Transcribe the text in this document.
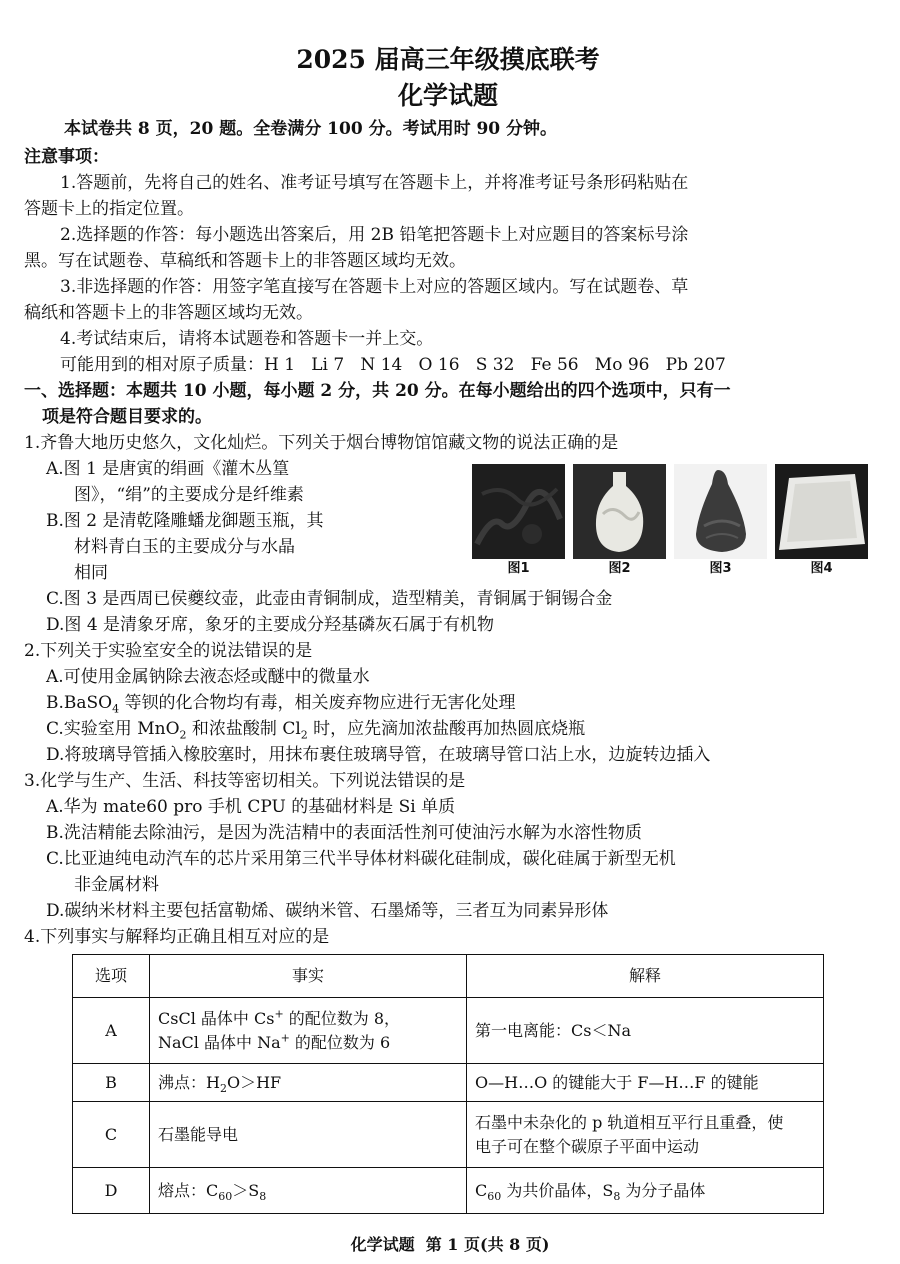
2025 届高三年级摸底联考
化学试题
本试卷共 8 页，20 题。全卷满分 100 分。考试用时 90 分钟。
注意事项：
1.答题前，先将自己的姓名、准考证号填写在答题卡上，并将准考证号条形码粘贴在
答题卡上的指定位置。
2.选择题的作答：每小题选出答案后，用 2B 铅笔把答题卡上对应题目的答案标号涂
黑。写在试题卷、草稿纸和答题卡上的非答题区域均无效。
3.非选择题的作答：用签字笔直接写在答题卡上对应的答题区域内。写在试题卷、草
稿纸和答题卡上的非答题区域均无效。
4.考试结束后，请将本试题卷和答题卡一并上交。
可能用到的相对原子质量：H 1   Li 7   N 14   O 16   S 32   Fe 56   Mo 96   Pb 207
一、选择题：本题共 10 小题，每小题 2 分，共 20 分。在每小题给出的四个选项中，只有一
项是符合题目要求的。
1.齐鲁大地历史悠久，文化灿烂。下列关于烟台博物馆馆藏文物的说法正确的是
A.图 1 是唐寅的绢画《灌木丛篁
图》，“绢”的主要成分是纤维素
B.图 2 是清乾隆雕蟠龙御题玉瓶，其
材料青白玉的主要成分与水晶
相同	图1	图2	图3	图4
C.图 3 是西周已侯夔纹壶，此壶由青铜制成，造型精美，青铜属于铜锡合金
D.图 4 是清象牙席，象牙的主要成分羟基磷灰石属于有机物
2.下列关于实验室安全的说法错误的是
A.可使用金属钠除去液态烃或醚中的微量水
B.BaSO$_4$ 等钡的化合物均有毒，相关废弃物应进行无害化处理
C.实验室用 MnO$_2$ 和浓盐酸制 $Cl_2$ 时，应先滴加浓盐酸再加热圆底烧瓶
D.将玻璃导管插入橡胶塞时，用抹布裹住玻璃导管，在玻璃导管口沾上水，边旋转边插入
3.化学与生产、生活、科技等密切相关。下列说法错误的是
A.华为 mate60 pro 手机 CPU 的基础材料是 Si 单质
B.洗洁精能去除油污，是因为洗洁精中的表面活性剂可使油污水解为水溶性物质
C.比亚迪纯电动汽车的芯片采用第三代半导体材料碳化硅制成，碳化硅属于新型无机
非金属材料
D.碳纳米材料主要包括富勒烯、碳纳米管、石墨烯等，三者互为同素异形体
4.下列事实与解释均正确且相互对应的是
选项	事实	解释
A	CsCl 晶体中 Cs+ 的配位数为 8，
NaCl 晶体中 Na+ 的配位数为 6	第一电离能：Cs＜Na
B	沸点：$H_2O>HF$	O—H…O 的键能大于 F—H…F 的键能
C	石墨能导电	石墨中未杂化的 p 轨道相互平行且重叠，使
电子可在整个碳原子平面中运动

D	熔点：$C_{60}>S_8$	$C_{60}$ 为共价晶体，$S_8$ 为分子晶体
化学试题  第 1 页(共 8 页)
